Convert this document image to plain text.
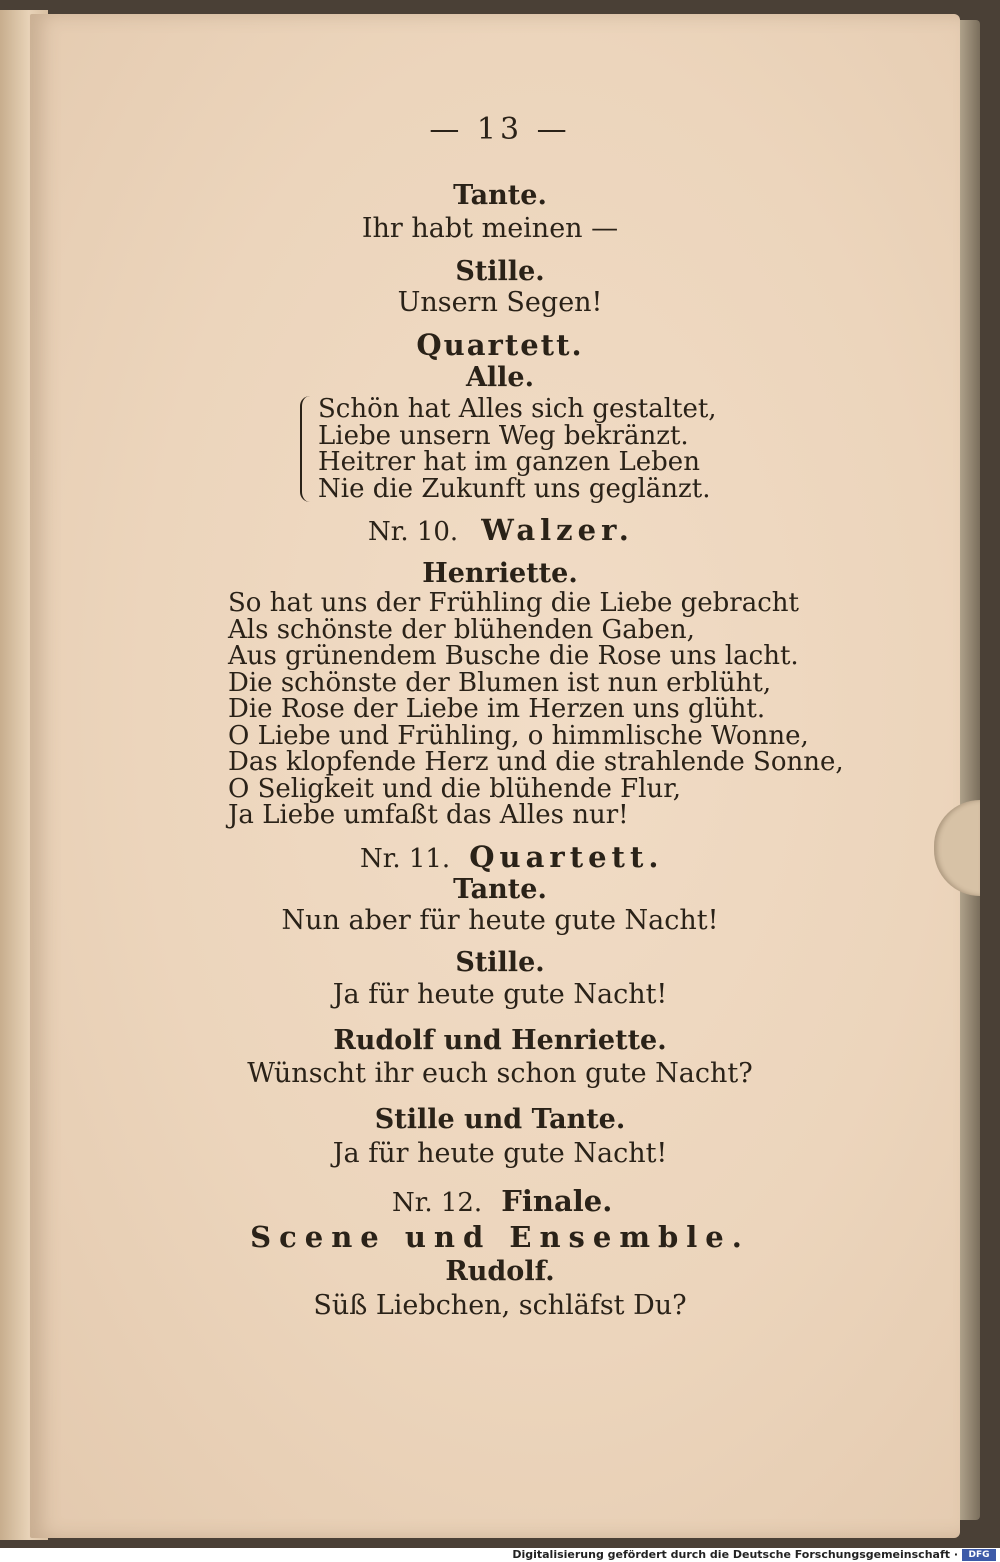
— 13 —
Tante.
Ihr habt meinen —
Stille.
Unsern Segen!
Quartett.
Alle.
Schön hat Alles sich gestaltet,
Liebe unsern Weg bekränzt.
Heitrer hat im ganzen Leben
Nie die Zukunft uns geglänzt.
Nr. 10. Walzer.
Henriette.
So hat uns der Frühling die Liebe gebracht
Als schönste der blühenden Gaben,
Aus grünendem Busche die Rose uns lacht.
Die schönste der Blumen ist nun erblüht,
Die Rose der Liebe im Herzen uns glüht.
O Liebe und Frühling, o himmlische Wonne,
Das klopfende Herz und die strahlende Sonne,
O Seligkeit und die blühende Flur,
Ja Liebe umfaßt das Alles nur!
Nr. 11. Quartett.
Tante.
Nun aber für heute gute Nacht!
Stille.
Ja für heute gute Nacht!
Rudolf und Henriette.
Wünscht ihr euch schon gute Nacht?
Stille und Tante.
Ja für heute gute Nacht!
Nr. 12. Finale.
Scene und Ensemble.
Rudolf.
Süß Liebchen, schläfst Du?
Digitalisierung gefördert durch die Deutsche Forschungsgemeinschaft ·	DFG
